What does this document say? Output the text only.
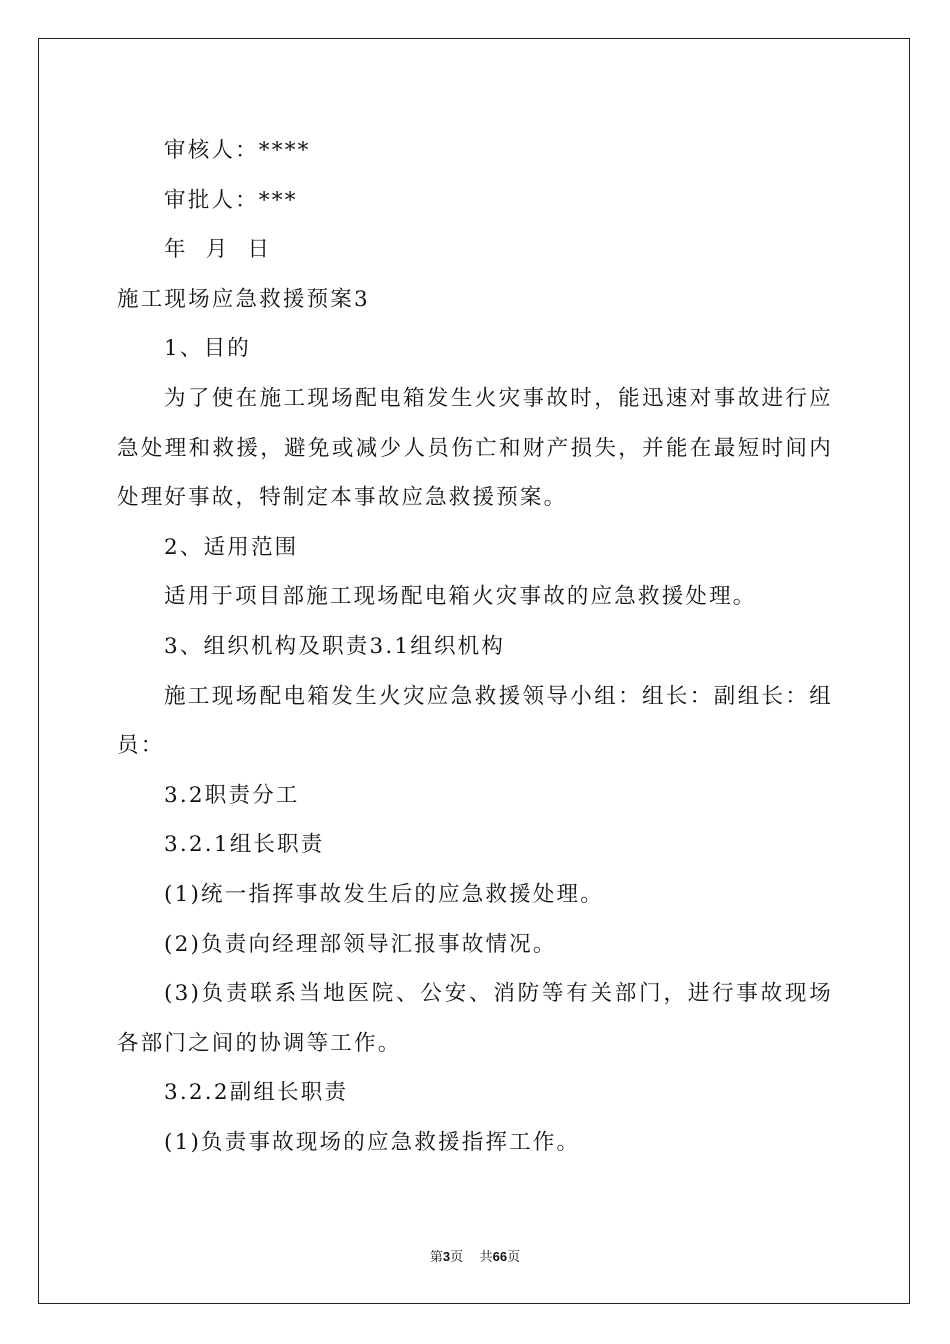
审核人：****
审批人：***
年  月  日
施工现场应急救援预案3
1、目的
为了使在施工现场配电箱发生火灾事故时，能迅速对事故进行应
急处理和救援，避免或减少人员伤亡和财产损失，并能在最短时间内
处理好事故，特制定本事故应急救援预案。
2、适用范围
适用于项目部施工现场配电箱火灾事故的应急救援处理。
3、组织机构及职责3.1组织机构
施工现场配电箱发生火灾应急救援领导小组：组长：副组长：组
员：
3.2职责分工
3.2.1组长职责
(1)统一指挥事故发生后的应急救援处理。
(2)负责向经理部领导汇报事故情况。
(3)负责联系当地医院、公安、消防等有关部门，进行事故现场
各部门之间的协调等工作。
3.2.2副组长职责
(1)负责事故现场的应急救援指挥工作。
第3页    共66页
